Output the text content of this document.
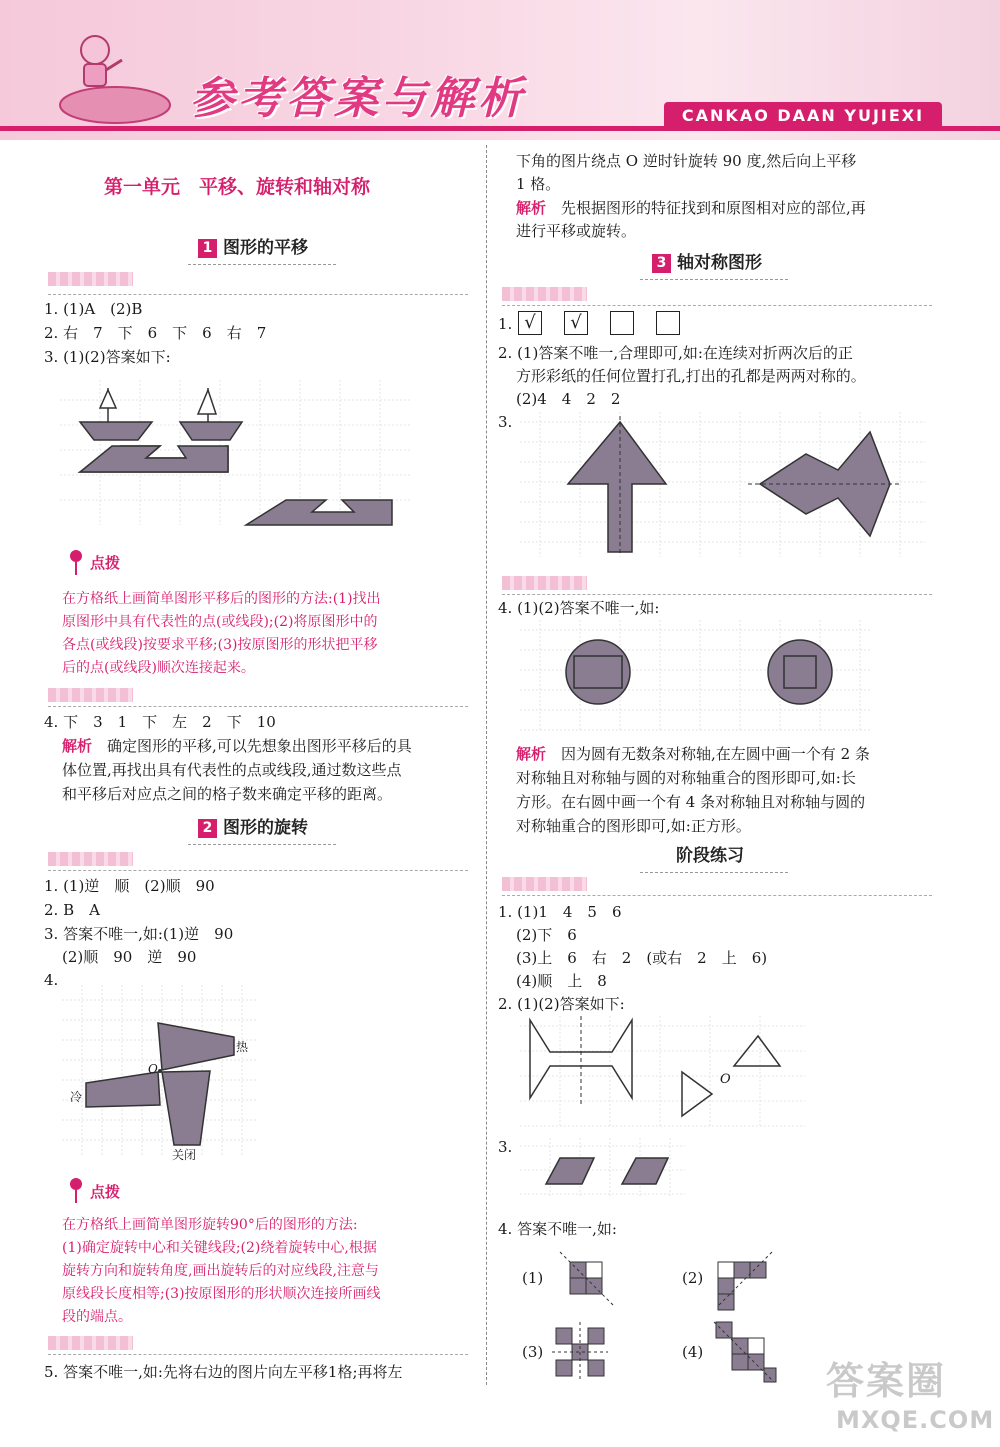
参考答案与解析	CANKAO DAAN YUJIEXI
第一单元　平移、旋转和轴对称
1 图形的平移
1. (1)A　(2)B
2. 右　7　下　6　下　6　右　7
3. (1)(2)答案如下:
点拨
在方格纸上画简单图形平移后的图形的方法:(1)找出
原图形中具有代表性的点(或线段);(2)将原图形中的
各点(或线段)按要求平移;(3)按原图形的形状把平移
后的点(或线段)顺次连接起来。
4. 下　3　1　下　左　2　下　10
解析　 确定图形的平移,可以先想象出图形平移后的具
体位置,再找出具有代表性的点或线段,通过数这些点
和平移后对应点之间的格子数来确定平移的距离。
2 图形的旋转
1. (1)逆　顺　(2)顺　90
2. B　A
3. 答案不唯一,如:(1)逆　90
(2)顺　90　逆　90
4.
O
热
冷
关闭
点拨
在方格纸上画简单图形旋转90°后的图形的方法:
(1)确定旋转中心和关键线段;(2)绕着旋转中心,根据
旋转方向和旋转角度,画出旋转后的对应线段,注意与
原线段长度相等;(3)按原图形的形状顺次连接所画线
段的端点。
5. 答案不唯一,如:先将右边的图片向左平移1格;再将左
下角的图片绕点 O 逆时针旋转 90 度,然后向上平移
1 格。
解析　 先根据图形的特征找到和原图相对应的部位,再
进行平移或旋转。
3 轴对称图形
1. √	√
2. (1)答案不唯一,合理即可,如:在连续对折两次后的正
方形彩纸的任何位置打孔,打出的孔都是两两对称的。
(2)4　4　2　2
3.
4. (1)(2)答案不唯一,如:
解析　 因为圆有无数条对称轴,在左圆中画一个有 2 条
对称轴且对称轴与圆的对称轴重合的图形即可,如:长
方形。在右圆中画一个有 4 条对称轴且对称轴与圆的
对称轴重合的图形即可,如:正方形。
阶段练习
1. (1)1　4　5　6
(2)下　6
(3)上　6　右　2　(或右　2　上　6)
(4)顺　上　8
2. (1)(2)答案如下:
O
3.
4. 答案不唯一,如:
(1)	(2)
(3)	(4)
答案圈
MXQE.COM
